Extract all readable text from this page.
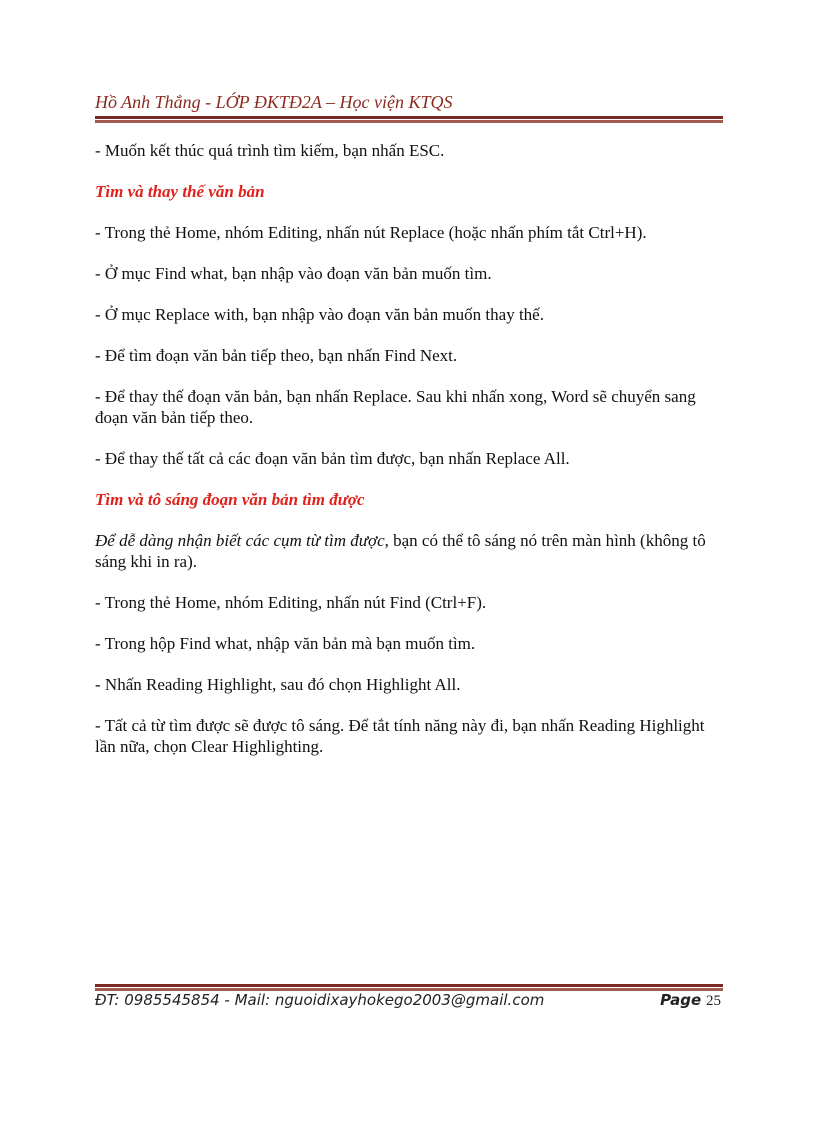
Hồ Anh Thắng - LỚP ĐKTĐ2A – Học viện KTQS

- Muốn kết thúc quá trình tìm kiếm, bạn nhấn ESC.

Tìm và thay thế văn bản

- Trong thẻ Home, nhóm Editing, nhấn nút Replace (hoặc nhấn phím tắt Ctrl+H).

- Ở mục Find what, bạn nhập vào đoạn văn bản muốn tìm.

- Ở mục Replace with, bạn nhập vào đoạn văn bản muốn thay thế.

- Để tìm đoạn văn bản tiếp theo, bạn nhấn Find Next.

- Để thay thế đoạn văn bản, bạn nhấn Replace. Sau khi nhấn xong, Word sẽ chuyển sang đoạn văn bản tiếp theo.

- Để thay thế tất cả các đoạn văn bản tìm được, bạn nhấn Replace All.

Tìm và tô sáng đoạn văn bản tìm được

Để dễ dàng nhận biết các cụm từ tìm được, bạn có thể tô sáng nó trên màn hình (không tô sáng khi in ra).

- Trong thẻ Home, nhóm Editing, nhấn nút Find (Ctrl+F).

- Trong hộp Find what, nhập văn bản mà bạn muốn tìm.

- Nhấn Reading Highlight, sau đó chọn Highlight All.

- Tất cả từ tìm được sẽ được tô sáng. Để tắt tính năng này đi, bạn nhấn Reading Highlight lần nữa, chọn Clear Highlighting.

ĐT: 0985545854 - Mail: nguoidixayhokego2003@gmail.com	Page 25
